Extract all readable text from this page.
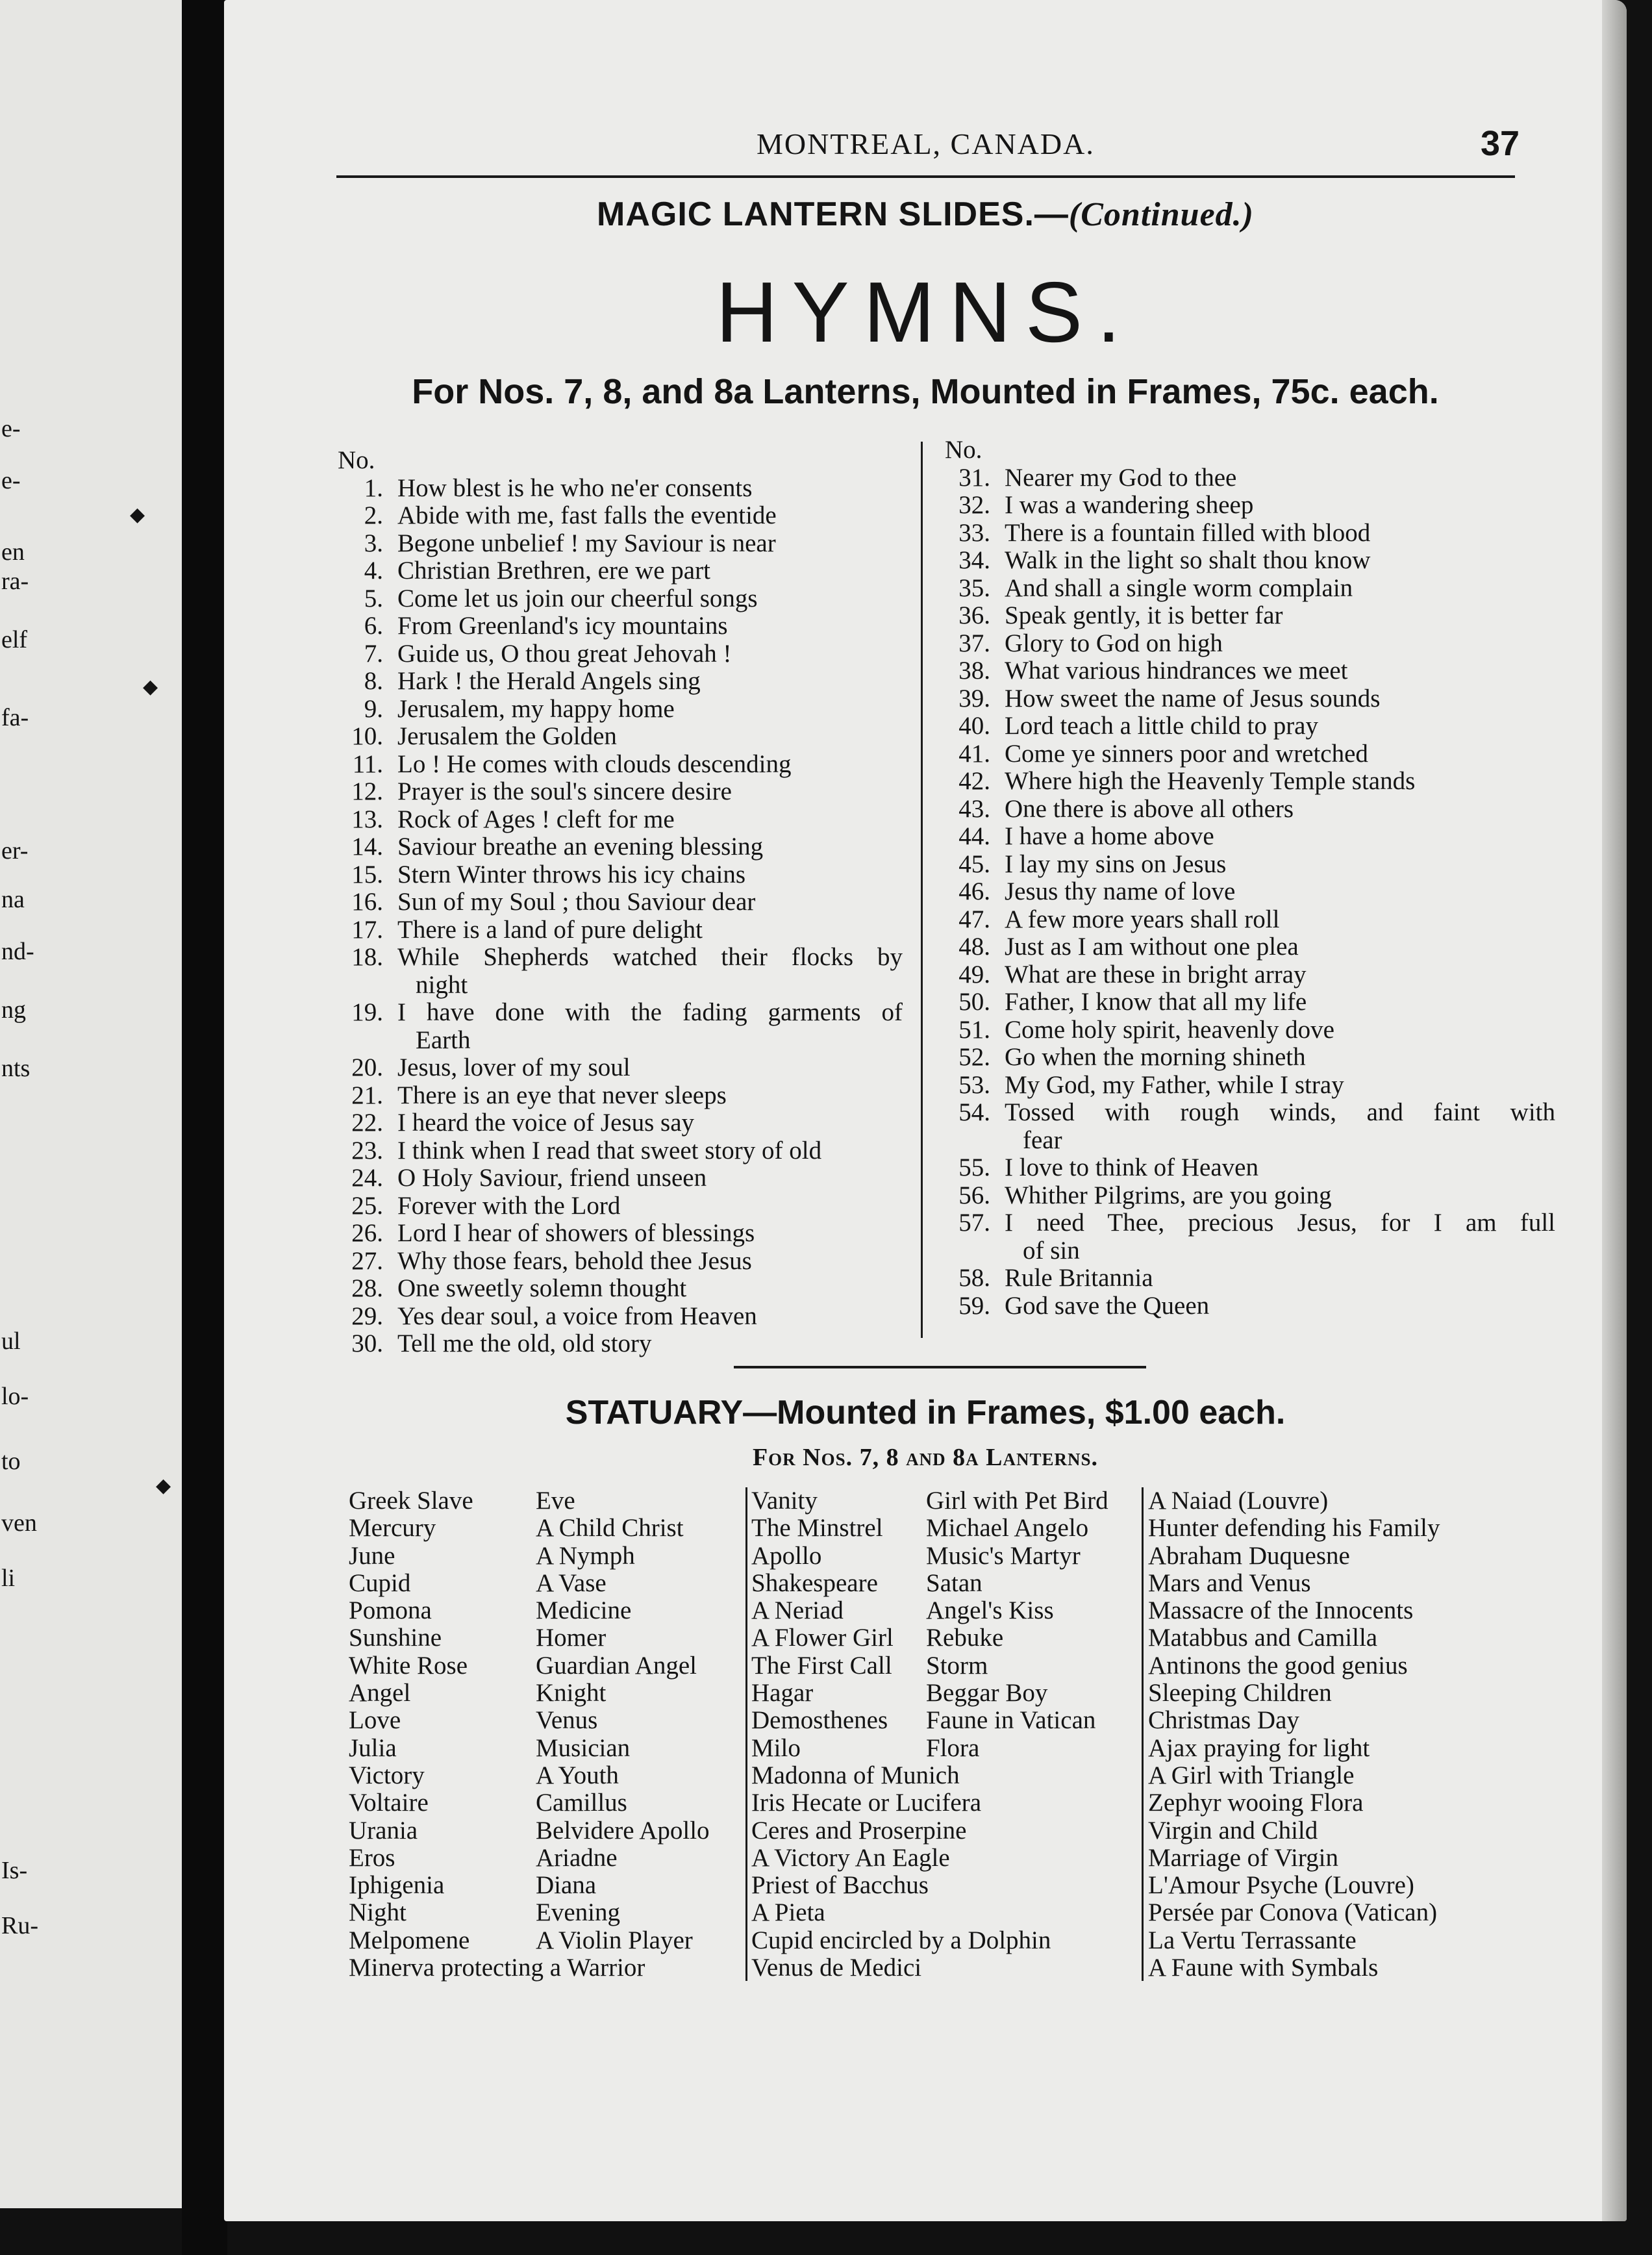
e-
e-
en
ra-
elf
fa-
er-
na
nd-
ng
nts
ul
lo-
to
ven
li
Is-
Ru-
◆
◆
◆
MONTREAL, CANADA.	37
MAGIC LANTERN SLIDES.—(Continued.)
HYMNS.
For Nos. 7, 8, and 8a Lanterns, Mounted in Frames, 75c. each.
No.
1. How blest is he who ne'er consents
2. Abide with me, fast falls the eventide
3. Begone unbelief ! my Saviour is near
4. Christian Brethren, ere we part
5. Come let us join our cheerful songs
6. From Greenland's icy mountains
7. Guide us, O thou great Jehovah !
8. Hark ! the Herald Angels sing
9. Jerusalem, my happy home
10. Jerusalem the Golden
11. Lo ! He comes with clouds descending
12. Prayer is the soul's sincere desire
13. Rock of Ages ! cleft for me
14. Saviour breathe an evening blessing
15. Stern Winter throws his icy chains
16. Sun of my Soul ; thou Saviour dear
17. There is a land of pure delight
18. While Shepherds watched their flocks by
night
19. I have done with the fading garments of
Earth
20. Jesus, lover of my soul
21. There is an eye that never sleeps
22. I heard the voice of Jesus say
23. I think when I read that sweet story of old
24. O Holy Saviour, friend unseen
25. Forever with the Lord
26. Lord I hear of showers of blessings
27. Why those fears, behold thee Jesus
28. One sweetly solemn thought
29. Yes dear soul, a voice from Heaven
30. Tell me the old, old story
No.
31. Nearer my God to thee
32. I was a wandering sheep
33. There is a fountain filled with blood
34. Walk in the light so shalt thou know
35. And shall a single worm complain
36. Speak gently, it is better far
37. Glory to God on high
38. What various hindrances we meet
39. How sweet the name of Jesus sounds
40. Lord teach a little child to pray
41. Come ye sinners poor and wretched
42. Where high the Heavenly Temple stands
43. One there is above all others
44. I have a home above
45. I lay my sins on Jesus
46. Jesus thy name of love
47. A few more years shall roll
48. Just as I am without one plea
49. What are these in bright array
50. Father, I know that all my life
51. Come holy spirit, heavenly dove
52. Go when the morning shineth
53. My God, my Father, while I stray
54. Tossed with rough winds, and faint with
fear
55. I love to think of Heaven
56. Whither Pilgrims, are you going
57. I need Thee, precious Jesus, for I am full
of sin
58. Rule Britannia
59. God save the Queen
STATUARY—Mounted in Frames, $1.00 each.
For Nos. 7, 8 and 8a Lanterns.
Greek Slave
Mercury
June
Cupid
Pomona
Sunshine
White Rose
Angel
Love
Julia
Victory
Voltaire
Urania
Eros
Iphigenia
Night
Melpomene
Eve
A Child Christ
A Nymph
A Vase
Medicine
Homer
Guardian Angel
Knight
Venus
Musician
A Youth
Camillus
Belvidere Apollo
Ariadne
Diana
Evening
A Violin Player
Minerva protecting a Warrior
Vanity
The Minstrel
Apollo
Shakespeare
A Neriad
A Flower Girl
The First Call
Hagar
Demosthenes
Milo
Girl with Pet Bird
Michael Angelo
Music's Martyr
Satan
Angel's Kiss
Rebuke
Storm
Beggar Boy
Faune in Vatican
Flora
Madonna of Munich
Iris Hecate or Lucifera
Ceres and Proserpine
A Victory An Eagle
Priest of Bacchus
A Pieta
Cupid encircled by a Dolphin
Venus de Medici
A Naiad (Louvre)
Hunter defending his Family
Abraham Duquesne
Mars and Venus
Massacre of the Innocents
Matabbus and Camilla
Antinons the good genius
Sleeping Children
Christmas Day
Ajax praying for light
A Girl with Triangle
Zephyr wooing Flora
Virgin and Child
Marriage of Virgin
L'Amour Psyche (Louvre)
Persée par Conova (Vatican)
La Vertu Terrassante
A Faune with Symbals
